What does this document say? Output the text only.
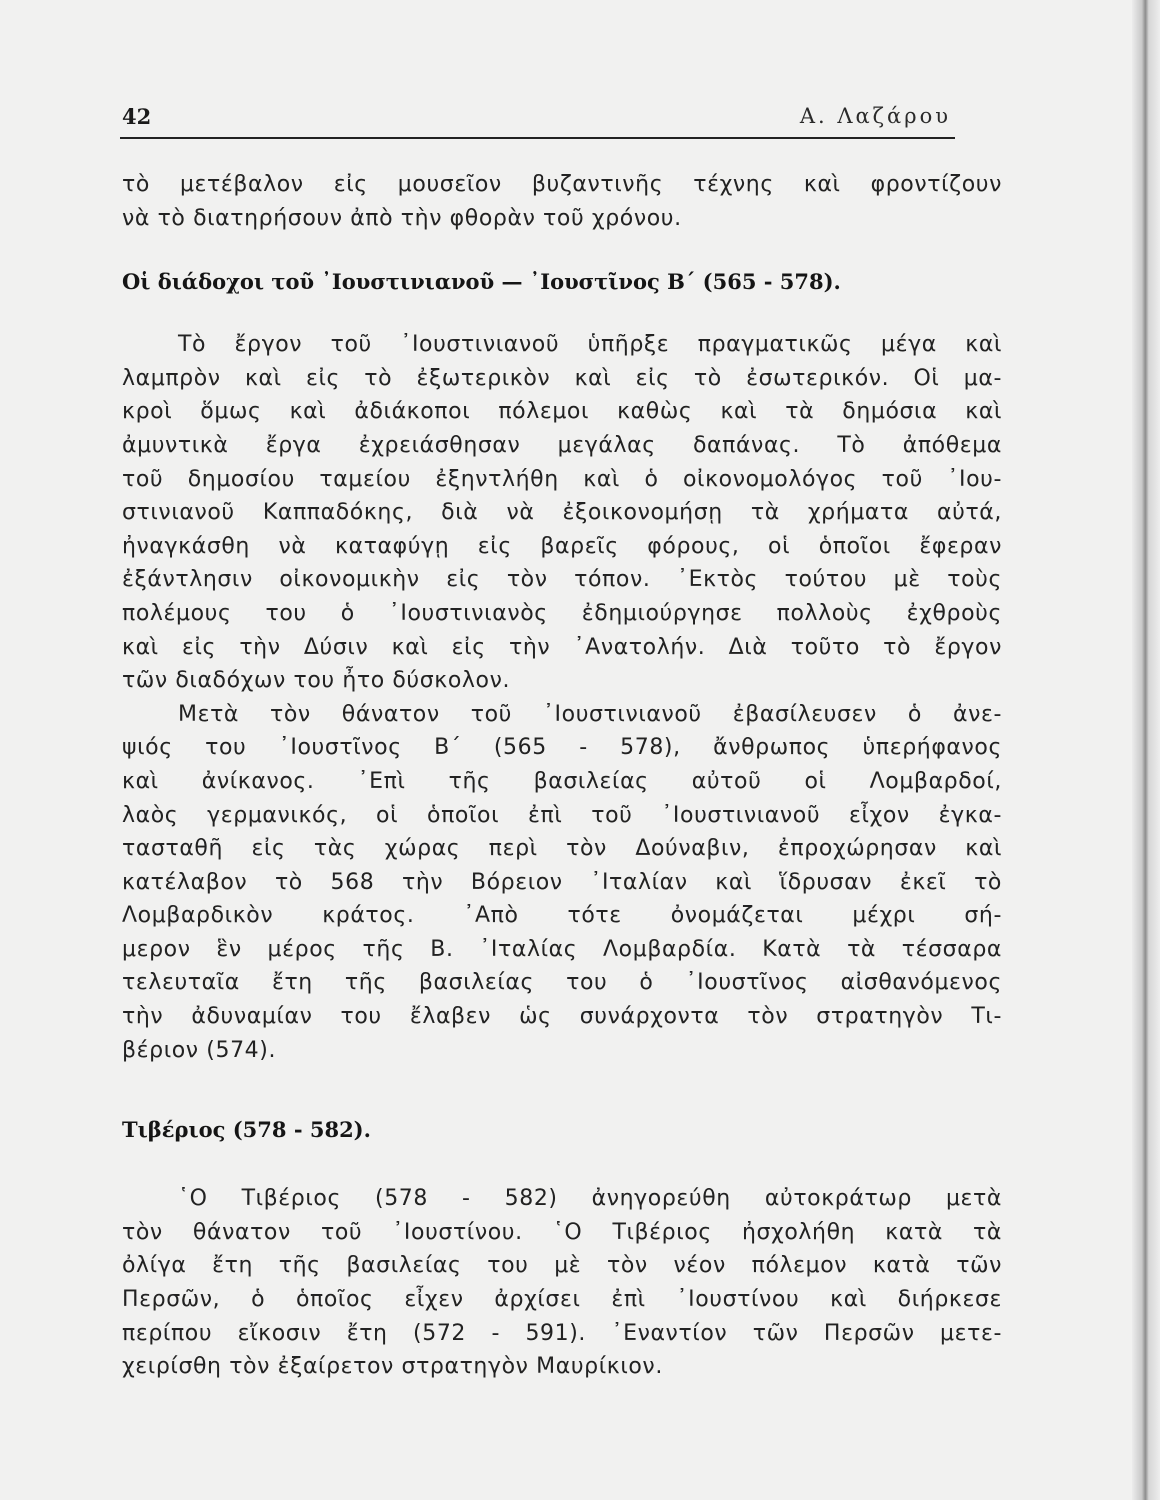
42	Α. Λαζάρου
τὸ μετέβαλον εἰς μουσεῖον βυζαντινῆς τέχνης καὶ φροντίζουν
νὰ τὸ διατηρήσουν ἀπὸ τὴν φθορὰν τοῦ χρόνου.
Οἱ διάδοχοι τοῦ ᾿Ιουστινιανοῦ — ᾿Ιουστῖνος Β΄ (565 - 578).
Τὸ ἔργον τοῦ ᾿Ιουστινιανοῦ ὑπῆρξε πραγματικῶς μέγα καὶ
λαμπρὸν καὶ εἰς τὸ ἐξωτερικὸν καὶ εἰς τὸ ἐσωτερικόν. Οἱ μα-
κροὶ ὅμως καὶ ἀδιάκοποι πόλεμοι καθὼς καὶ τὰ δημόσια καὶ
ἀμυντικὰ ἔργα ἐχρειάσθησαν μεγάλας δαπάνας. Τὸ ἀπόθεμα
τοῦ δημοσίου ταμείου ἐξηντλήθη καὶ ὁ οἰκονομολόγος τοῦ ᾿Ιου-
στινιανοῦ Καππαδόκης, διὰ νὰ ἐξοικονομήσῃ τὰ χρήματα αὐτά,
ἠναγκάσθη νὰ καταφύγῃ εἰς βαρεῖς φόρους, οἱ ὁποῖοι ἔφεραν
ἐξάντλησιν οἰκονομικὴν εἰς τὸν τόπον. ᾿Εκτὸς τούτου μὲ τοὺς
πολέμους του ὁ ᾿Ιουστινιανὸς ἐδημιούργησε πολλοὺς ἐχθροὺς
καὶ εἰς τὴν Δύσιν καὶ εἰς τὴν ᾿Ανατολήν. Διὰ τοῦτο τὸ ἔργον
τῶν διαδόχων του ἦτο δύσκολον.
Μετὰ τὸν θάνατον τοῦ ᾿Ιουστινιανοῦ ἐβασίλευσεν ὁ ἀνε-
ψιός του ᾿Ιουστῖνος Β΄ (565 - 578), ἄνθρωπος ὑπερήφανος
καὶ ἀνίκανος. ᾿Επὶ τῆς βασιλείας αὐτοῦ οἱ Λομβαρδοί,
λαὸς γερμανικός, οἱ ὁποῖοι ἐπὶ τοῦ ᾿Ιουστινιανοῦ εἶχον ἐγκα-
τασταθῆ εἰς τὰς χώρας περὶ τὸν Δούναβιν, ἐπροχώρησαν καὶ
κατέλαβον τὸ 568 τὴν Βόρειον ᾿Ιταλίαν καὶ ἵδρυσαν ἐκεῖ τὸ
Λομβαρδικὸν κράτος. ᾿Απὸ τότε ὀνομάζεται μέχρι σή-
μερον ἓν μέρος τῆς Β. ᾿Ιταλίας Λομβαρδία. Κατὰ τὰ τέσσαρα
τελευταῖα ἔτη τῆς βασιλείας του ὁ ᾿Ιουστῖνος αἰσθανόμενος
τὴν ἀδυναμίαν του ἔλαβεν ὡς συνάρχοντα τὸν στρατηγὸν Τι-
βέριον (574).
Τιβέριος (578 - 582).
῾Ο Τιβέριος (578 - 582) ἀνηγορεύθη αὐτοκράτωρ μετὰ
τὸν θάνατον τοῦ ᾿Ιουστίνου. ῾Ο Τιβέριος ἠσχολήθη κατὰ τὰ
ὀλίγα ἔτη τῆς βασιλείας του μὲ τὸν νέον πόλεμον κατὰ τῶν
Περσῶν, ὁ ὁποῖος εἶχεν ἀρχίσει ἐπὶ ᾿Ιουστίνου καὶ διήρκεσε
περίπου εἴκοσιν ἔτη (572 - 591). ᾿Εναντίον τῶν Περσῶν μετε-
χειρίσθη τὸν ἐξαίρετον στρατηγὸν Μαυρίκιον.
